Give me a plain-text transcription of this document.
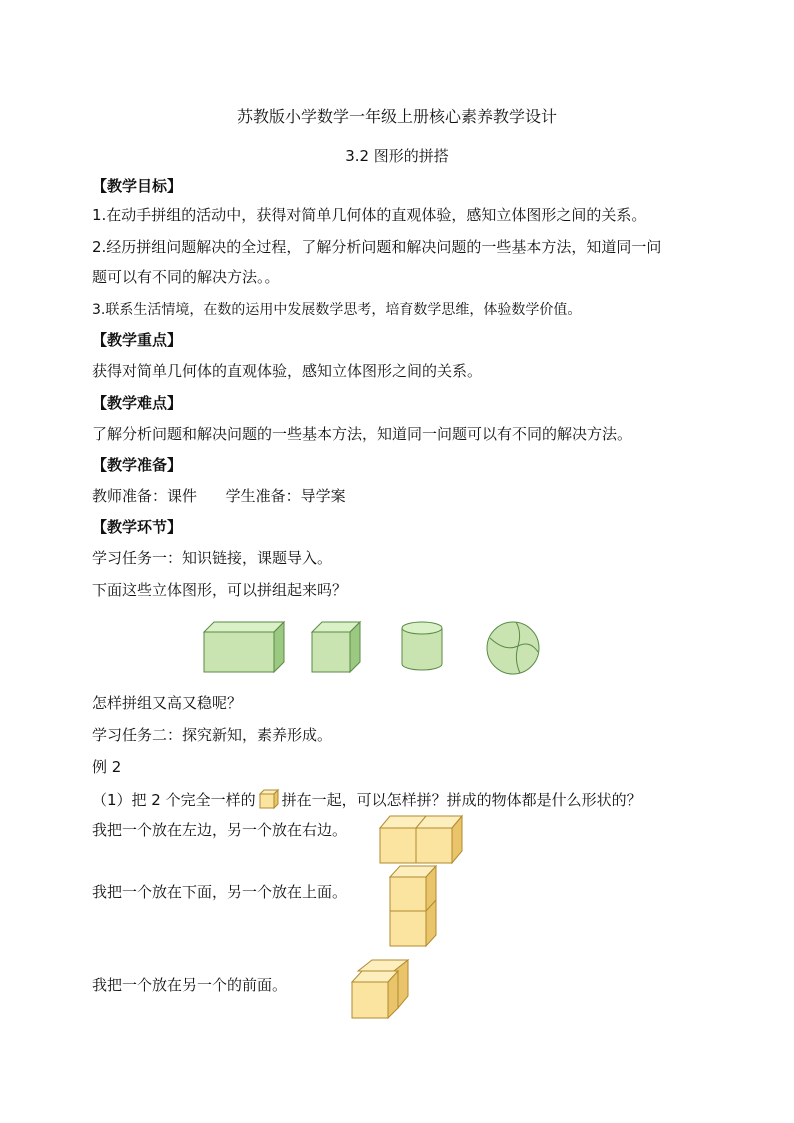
苏教版小学数学一年级上册核心素养教学设计
3.2 图形的拼搭
【教学目标】
1.在动手拼组的活动中，获得对简单几何体的直观体验，感知立体图形之间的关系。
2.经历拼组问题解决的全过程，了解分析问题和解决问题的一些基本方法，知道同一问
题可以有不同的解决方法。。
3.联系生活情境，在数的运用中发展数学思考，培育数学思维，体验数学价值。
【教学重点】
获得对简单几何体的直观体验，感知立体图形之间的关系。
【教学难点】
了解分析问题和解决问题的一些基本方法，知道同一问题可以有不同的解决方法。
【教学准备】
教师准备：课件      学生准备：导学案
【教学环节】
学习任务一：知识链接，课题导入。
下面这些立体图形，可以拼组起来吗？
怎样拼组又高又稳呢？
学习任务二：探究新知，素养形成。
例 2
（1）把 2 个完全一样的 拼在一起，可以怎样拼？拼成的物体都是什么形状的？
我把一个放在左边，另一个放在右边。
我把一个放在下面，另一个放在上面。
我把一个放在另一个的前面。
